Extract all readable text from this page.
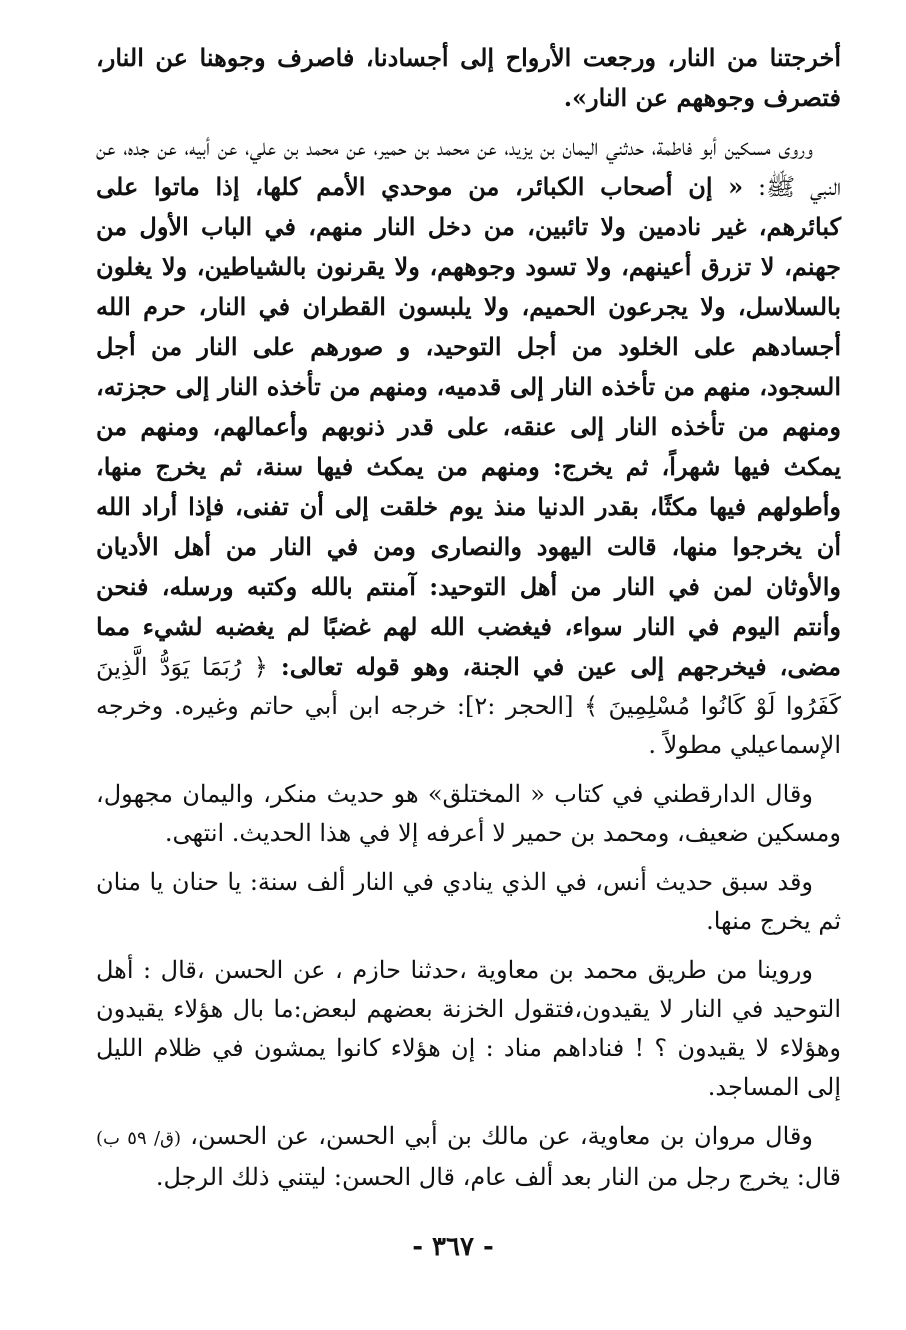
أخرجتنا من النار، ورجعت الأرواح إلى أجسادنا، فاصرف وجوهنا عن النار، فتصرف وجوههم عن النار».

وروى مسكين أبو فاطمة، حدثني اليمان بن يزيد، عن محمد بن حمير، عن محمد بن علي، عن أبيه، عن جده، عن النبي ﷺ: « إن أصحاب الكبائر، من موحدي الأمم كلها، إذا ماتوا على كبائرهم، غير نادمين ولا تائبين، من دخل النار منهم، في الباب الأول من جهنم، لا تزرق أعينهم، ولا تسود وجوههم، ولا يقرنون بالشياطين، ولا يغلون بالسلاسل، ولا يجرعون الحميم، ولا يلبسون القطران في النار، حرم الله أجسادهم على الخلود من أجل التوحيد، و صورهم على النار من أجل السجود، منهم من تأخذه النار إلى قدميه، ومنهم من تأخذه النار إلى حجزته، ومنهم من تأخذه النار إلى عنقه، على قدر ذنوبهم وأعمالهم، ومنهم من يمكث فيها شهراً، ثم يخرج: ومنهم من يمكث فيها سنة، ثم يخرج منها، وأطولهم فيها مكثًا، بقدر الدنيا منذ يوم خلقت إلى أن تفنى، فإذا أراد الله أن يخرجوا منها، قالت اليهود والنصارى ومن في النار من أهل الأديان والأوثان لمن في النار من أهل التوحيد: آمنتم بالله وكتبه ورسله، فنحن وأنتم اليوم في النار سواء، فيغضب الله لهم غضبًا لم يغضبه لشيء مما مضى، فيخرجهم إلى عين في الجنة، وهو قوله تعالى: ﴿ رُبَمَا يَوَدُّ الَّذِينَ كَفَرُوا لَوْ كَانُوا مُسْلِمِينَ ﴾ [الحجر :٢]: خرجه ابن أبي حاتم وغيره. وخرجه الإسماعيلي مطولاً .

وقال الدارقطني في كتاب « المختلق» هو حديث منكر، واليمان مجهول، ومسكين ضعيف، ومحمد بن حمير لا أعرفه إلا في هذا الحديث. انتهى.

وقد سبق حديث أنس، في الذي ينادي في النار ألف سنة: يا حنان يا منان ثم يخرج منها.

وروينا من طريق محمد بن معاوية ،حدثنا حازم ، عن الحسن ،قال : أهل التوحيد في النار لا يقيدون،فتقول الخزنة بعضهم لبعض:ما بال هؤلاء يقيدون وهؤلاء لا يقيدون ؟ ! فناداهم مناد : إن هؤلاء كانوا يمشون في ظلام الليل إلى المساجد.

وقال مروان بن معاوية، عن مالك بن أبي الحسن، عن الحسن، (ق/ ٥٩ ب) قال: يخرج رجل من النار بعد ألف عام، قال الحسن: ليتني ذلك الرجل.

- ٣٦٧ -
